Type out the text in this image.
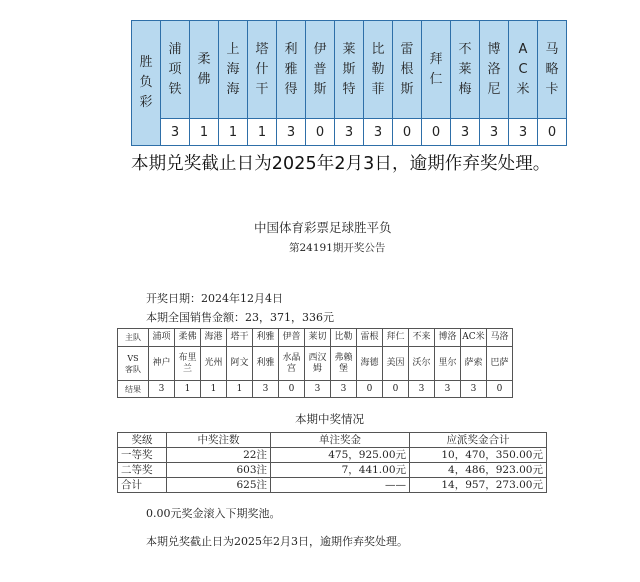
胜负彩	浦项铁	柔佛	上海海	塔什干	利雅得	伊普斯	莱斯特	比勒菲	雷根斯	拜仁	不莱梅	博洛尼	AC米	马略卡

	3	1	1	1	3	0	3	3	0	0	3	3	3	0
本期兑奖截止日为2025年2月3日，逾期作弃奖处理。
中国体育彩票足球胜平负
第24191期开奖公告
开奖日期：2024年12月4日
本期全国销售金额：23，371，336元
主队	浦项	柔佛	海港	塔干	利雅	伊普	莱切	比勒	雷根	拜仁	不来	博洛	AC米	马洛

VS
客队	神户	布里兰	光州	阿文	利雅	水晶宫	西汉姆	弗赖堡	海德	美因	沃尔	里尔	萨索	巴萨
结果	3	1	1	1	3	0	3	3	0	0	3	3	3	0
本期中奖情况
奖级	中奖注数	单注奖金	应派奖金合计
一等奖	22注	475，925.00元	10，470，350.00元
二等奖	603注	7，441.00元	4，486，923.00元
合计	625注	——	14，957，273.00元
0.00元奖金滚入下期奖池。
本期兑奖截止日为2025年2月3日，逾期作弃奖处理。
